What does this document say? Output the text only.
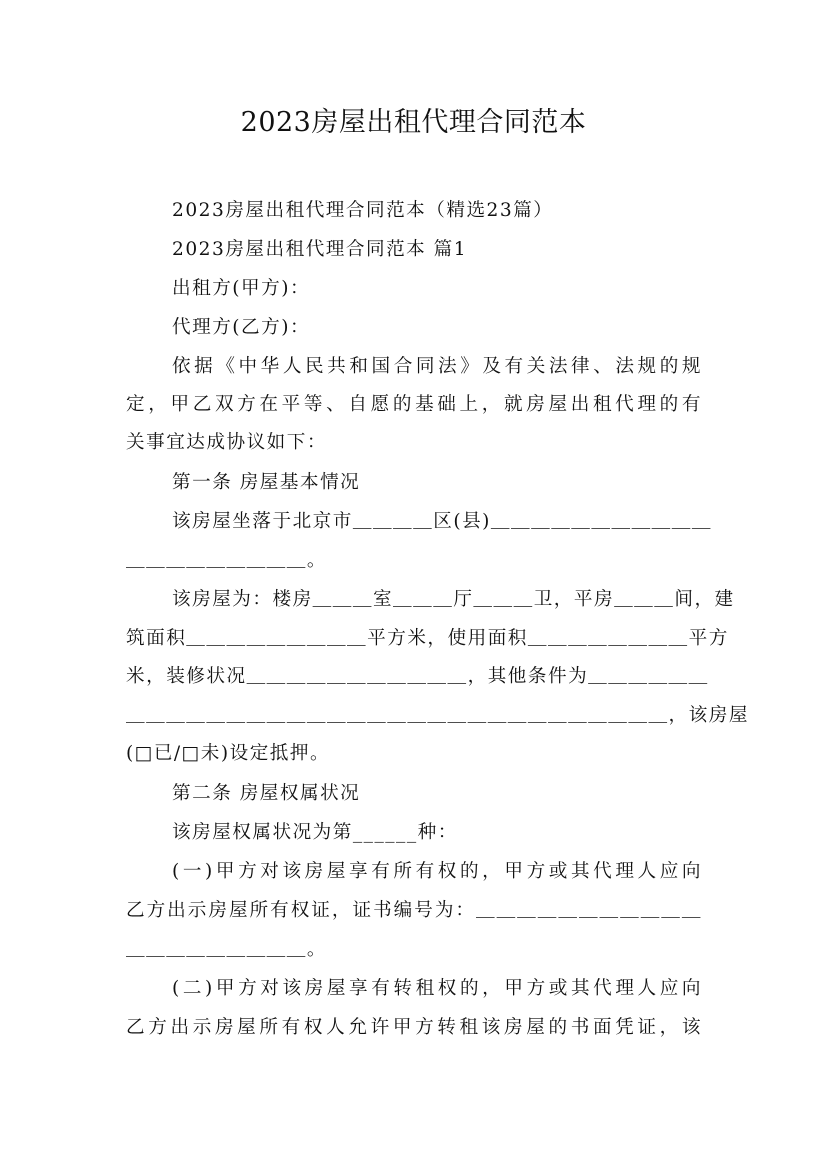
2023房屋出租代理合同范本
2023房屋出租代理合同范本（精选23篇）
2023房屋出租代理合同范本 篇1
出租方(甲方)：
代理方(乙方)：
依据《中华人民共和国合同法》及有关法律、法规的规
定，甲乙双方在平等、自愿的基础上，就房屋出租代理的有
关事宜达成协议如下：
第一条 房屋基本情况
该房屋坐落于北京市＿＿＿＿区(县)＿＿＿＿＿＿＿＿＿＿＿
＿＿＿＿＿＿＿＿＿。
该房屋为：楼房＿＿＿室＿＿＿厅＿＿＿卫，平房＿＿＿间，建
筑面积＿＿＿＿＿＿＿＿＿平方米，使用面积＿＿＿＿＿＿＿＿平方
米，装修状况＿＿＿＿＿＿＿＿＿＿＿，其他条件为＿＿＿＿＿＿
＿＿＿＿＿＿＿＿＿＿＿＿＿＿＿＿＿＿＿＿＿＿＿＿＿＿＿，该房屋
(□已/□未)设定抵押。
第二条 房屋权属状况
该房屋权属状况为第______种：
(一)甲方对该房屋享有所有权的，甲方或其代理人应向
乙方出示房屋所有权证，证书编号为：＿＿＿＿＿＿＿＿＿＿＿
＿＿＿＿＿＿＿＿＿。
(二)甲方对该房屋享有转租权的，甲方或其代理人应向
乙方出示房屋所有权人允许甲方转租该房屋的书面凭证，该
